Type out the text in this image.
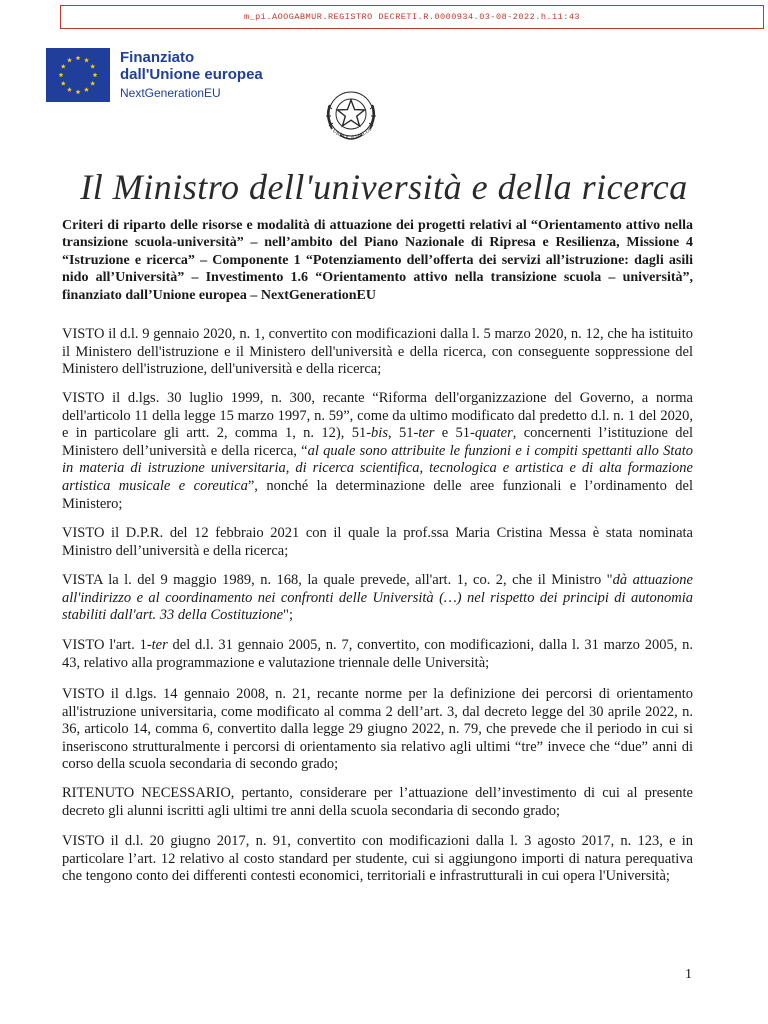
m_pi.AOOGABMUR.REGISTRO DECRETI.R.0000934.03-08-2022.h.11:43
Finanziato
dall'Unione europea
NextGenerationEU
UBBLICA ITALIA
Il Ministro dell'università e della ricerca

Criteri di riparto delle risorse e modalità di attuazione dei progetti relativi al “Orientamento attivo nella transizione scuola-università” – nell’ambito del Piano Nazionale di Ripresa e Resilienza, Missione 4 “Istruzione e ricerca” – Componente 1 “Potenziamento dell’offerta dei servizi all’istruzione: dagli asili nido all’Università” – Investimento 1.6 “Orientamento attivo nella transizione scuola – università”, finanziato dall’Unione europea – NextGenerationEU

VISTO il d.l. 9 gennaio 2020, n. 1, convertito con modificazioni dalla l. 5 marzo 2020, n. 12, che ha istituito il Ministero dell'istruzione e il Ministero dell'università e della ricerca, con conseguente soppressione del Ministero dell'istruzione, dell'università e della ricerca;

VISTO il d.lgs. 30 luglio 1999, n. 300, recante “Riforma dell'organizzazione del Governo, a norma dell'articolo 11 della legge 15 marzo 1997, n. 59”, come da ultimo modificato dal predetto d.l. n. 1 del 2020, e in particolare gli artt. 2, comma 1, n. 12), 51-bis, 51-ter e 51-quater, concernenti l’istituzione del Ministero dell’università e della ricerca, “al quale sono attribuite le funzioni e i compiti spettanti allo Stato in materia di istruzione universitaria, di ricerca scientifica, tecnologica e artistica e di alta formazione artistica musicale e coreutica”, nonché la determinazione delle aree funzionali e l’ordinamento del Ministero;

VISTO il D.P.R. del 12 febbraio 2021 con il quale la prof.ssa Maria Cristina Messa è stata nominata Ministro dell’università e della ricerca;

VISTA la l. del 9 maggio 1989, n. 168, la quale prevede, all'art. 1, co. 2, che il Ministro "dà attuazione all'indirizzo e al coordinamento nei confronti delle Università (…) nel rispetto dei principi di autonomia stabiliti dall'art. 33 della Costituzione";

VISTO l'art. 1-ter del d.l. 31 gennaio 2005, n. 7, convertito, con modificazioni, dalla l. 31 marzo 2005, n. 43, relativo alla programmazione e valutazione triennale delle Università;

VISTO il d.lgs. 14 gennaio 2008, n. 21, recante norme per la definizione dei percorsi di orientamento all'istruzione universitaria, come modificato al comma 2 dell’art. 3, dal decreto legge del 30 aprile 2022, n. 36, articolo 14, comma 6, convertito dalla legge 29 giugno 2022, n. 79, che prevede che il periodo in cui si inseriscono strutturalmente i percorsi di orientamento sia relativo agli ultimi “tre” invece che “due” anni di corso della scuola secondaria di secondo grado;

RITENUTO NECESSARIO, pertanto, considerare per l’attuazione dell’investimento di cui al presente decreto gli alunni iscritti agli ultimi tre anni della scuola secondaria di secondo grado;

VISTO il d.l. 20 giugno 2017, n. 91, convertito con modificazioni dalla l. 3 agosto 2017, n. 123, e in particolare l’art. 12 relativo al costo standard per studente, cui si aggiungono importi di natura perequativa che tengono conto dei differenti contesti economici, territoriali e infrastrutturali in cui opera l'Università;

1
